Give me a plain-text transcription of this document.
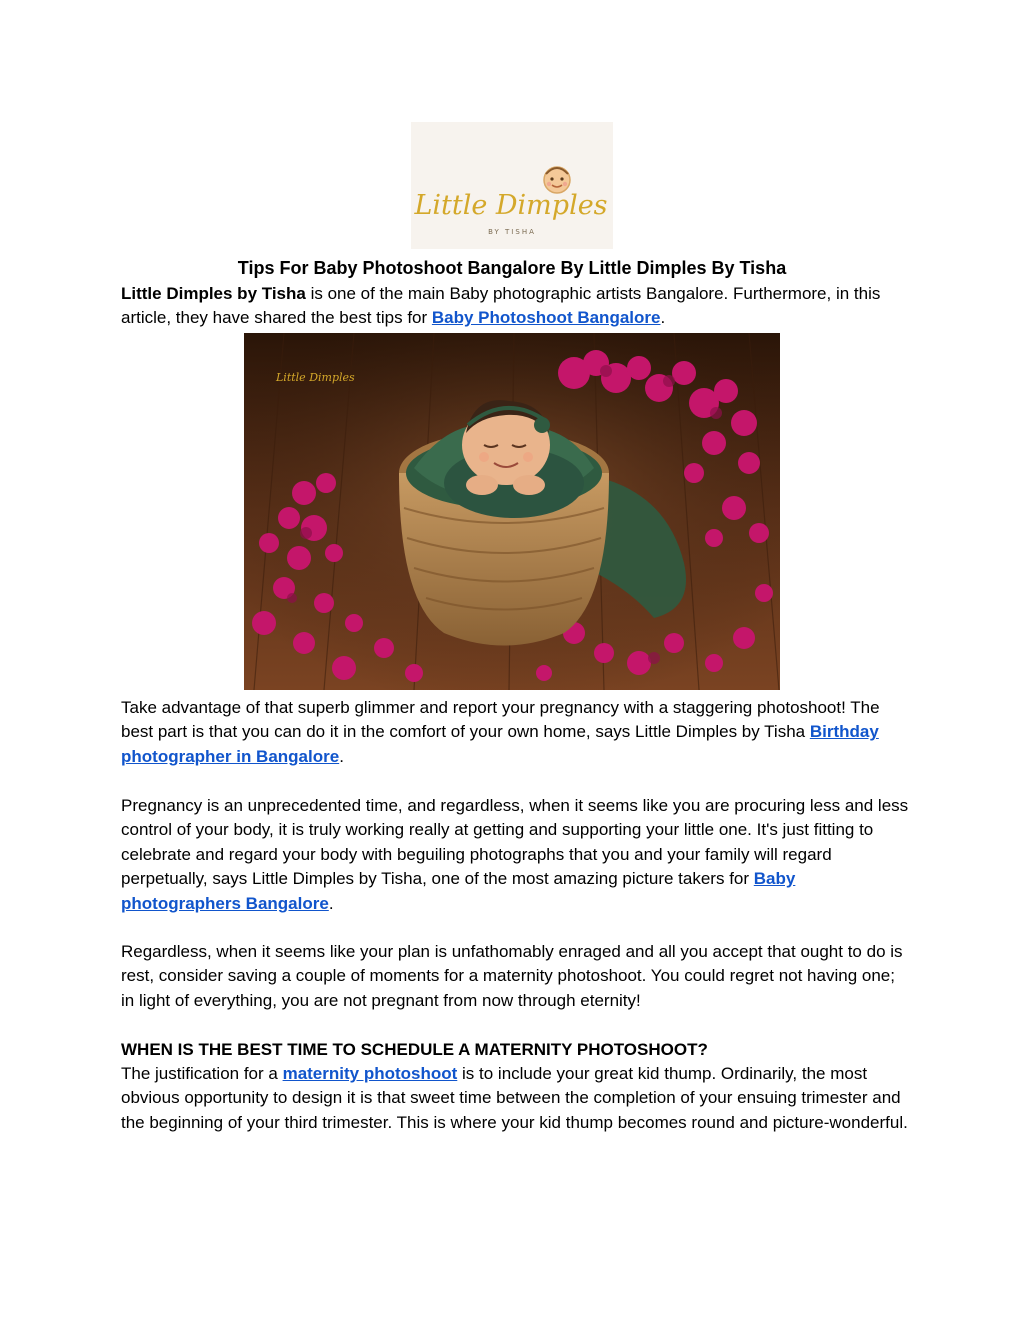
Little Dimples
BY TISHA
Tips For Baby Photoshoot Bangalore By Little Dimples By Tisha

Little Dimples by Tisha is one of the main Baby photographic artists Bangalore. Furthermore, in this article, they have shared the best tips for Baby Photoshoot Bangalore.

Little Dimples

Take advantage of that superb glimmer and report your pregnancy with a staggering photoshoot! The best part is that you can do it in the comfort of your own home, says Little Dimples by Tisha Birthday photographer in Bangalore.

Pregnancy is an unprecedented time, and regardless, when it seems like you are procuring less and less control of your body, it is truly working really at getting and supporting your little one. It's just fitting to celebrate and regard your body with beguiling photographs that you and your family will regard perpetually, says Little Dimples by Tisha, one of the most amazing picture takers for Baby photographers Bangalore.

Regardless, when it seems like your plan is unfathomably enraged and all you accept that ought to do is rest, consider saving a couple of moments for a maternity photoshoot. You could regret not having one; in light of everything, you are not pregnant from now through eternity!

WHEN IS THE BEST TIME TO SCHEDULE A MATERNITY PHOTOSHOOT?

The justification for a maternity photoshoot is to include your great kid thump. Ordinarily, the most obvious opportunity to design it is that sweet time between the completion of your ensuing trimester and the beginning of your third trimester. This is where your kid thump becomes round and picture-wonderful.
